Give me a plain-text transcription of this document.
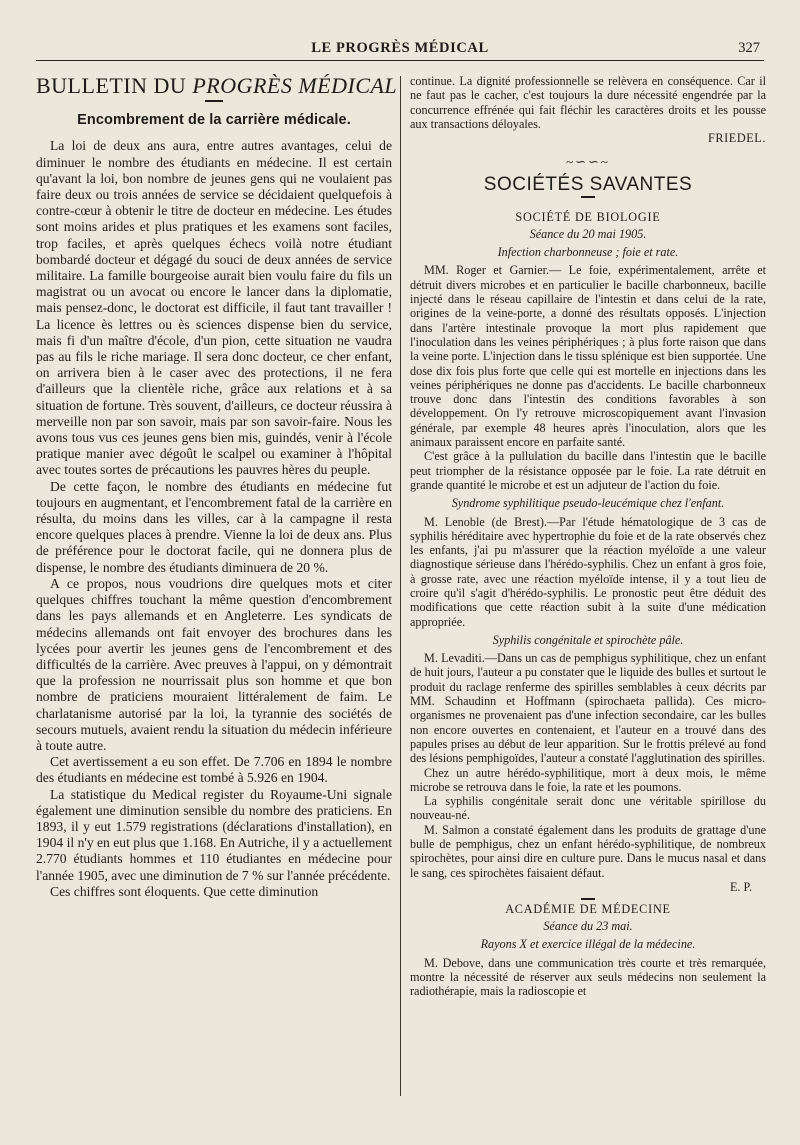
LE PROGRÈS MÉDICAL	327
BULLETIN DU PROGRÈS MÉDICAL
Encombrement de la carrière médicale.

La loi de deux ans aura, entre autres avantages, celui de diminuer le nombre des étudiants en médecine. Il est certain qu'avant la loi, bon nombre de jeunes gens qui ne voulaient pas faire deux ou trois années de service se décidaient quelquefois à contre-cœur à obtenir le titre de docteur en médecine. Les études sont moins arides et plus pratiques et les examens sont faciles, trop faciles, et après quelques échecs voilà notre étudiant bombardé docteur et dégagé du souci de deux années de service militaire. La famille bourgeoise aurait bien voulu faire du fils un magistrat ou un avocat ou encore le lancer dans la diplomatie, mais pensez-donc, le doctorat est difficile, il faut tant travailler ! La licence ès lettres ou ès sciences dispense bien du service, mais fi d'un maître d'école, d'un pion, cette situation ne vaudra pas au fils le riche mariage. Il sera donc docteur, ce cher enfant, on arrivera bien à le caser avec des protections, il ne fera d'ailleurs que la clientèle riche, grâce aux relations et à sa situation de fortune. Très souvent, d'ailleurs, ce docteur réussira à merveille non par son savoir, mais par son savoir-faire. Nous les avons tous vus ces jeunes gens bien mis, guindés, venir à l'école pratique manier avec dégoût le scalpel ou examiner à l'hôpital avec toutes sortes de précautions les pauvres hères du peuple.

De cette façon, le nombre des étudiants en médecine fut toujours en augmentant, et l'encombrement fatal de la carrière en résulta, du moins dans les villes, car à la campagne il resta encore quelques places à prendre. Vienne la loi de deux ans. Plus de préférence pour le doctorat facile, qui ne donnera plus de dispense, le nombre des étudiants diminuera de 20 %.

A ce propos, nous voudrions dire quelques mots et citer quelques chiffres touchant la même question d'encombrement dans les pays allemands et en Angleterre. Les syndicats de médecins allemands ont fait envoyer des brochures dans les lycées pour avertir les jeunes gens de l'encombrement et des difficultés de la carrière. Avec preuves à l'appui, on y démontrait que la profession ne nourrissait plus son homme et que bon nombre de praticiens mouraient littéralement de faim. Le charlatanisme autorisé par la loi, la tyrannie des sociétés de secours mutuels, avaient rendu la situation du médecin inférieure à toute autre.

Cet avertissement a eu son effet. De 7.706 en 1894 le nombre des étudiants en médecine est tombé à 5.926 en 1904.

La statistique du Medical register du Royaume-Uni signale également une diminution sensible du nombre des praticiens. En 1893, il y eut 1.579 registrations (déclarations d'installation), en 1904 il n'y en eut plus que 1.168. En Autriche, il y a actuellement 2.770 étudiants hommes et 110 étudiantes en médecine pour l'année 1905, avec une diminution de 7 % sur l'année précédente.

Ces chiffres sont éloquents. Que cette diminution

continue. La dignité professionnelle se relèvera en conséquence. Car il ne faut pas le cacher, c'est toujours la dure nécessité engendrée par la concurrence effrénée qui fait fléchir les caractères droits et les pousse aux transactions déloyales.

FRIEDEL.
~∽∽~
SOCIÉTÉS SAVANTES
SOCIÉTÉ DE BIOLOGIE
Séance du 20 mai 1905.
Infection charbonneuse ; foie et rate.

MM. Roger et Garnier.— Le foie, expérimentalement, arrête et détruit divers microbes et en particulier le bacille charbonneux, bacille injecté dans le réseau capillaire de l'intestin et dans celui de la rate, origines de la veine-porte, a donné des résultats opposés. L'injection dans l'artère intestinale provoque la mort plus rapidement que l'inoculation dans les veines périphériques ; à plus forte raison que dans la veine porte. L'injection dans le tissu splénique est bien supportée. Une dose dix fois plus forte que celle qui est mortelle en injections dans les veines périphériques ne donne pas d'accidents. Le bacille charbonneux trouve donc dans l'intestin des conditions favorables à son développement. On l'y retrouve microscopiquement avant l'invasion générale, par exemple 48 heures après l'inoculation, alors que les animaux paraissent encore en parfaite santé.

C'est grâce à la pullulation du bacille dans l'intestin que le bacille peut triompher de la résistance opposée par le foie. La rate détruit en grande quantité le microbe et est un adjuteur de l'action du foie.

Syndrome syphilitique pseudo-leucémique chez l'enfant.

M. Lenoble (de Brest).—Par l'étude hématologique de 3 cas de syphilis héréditaire avec hypertrophie du foie et de la rate observés chez les enfants, j'ai pu m'assurer que la réaction myéloïde a une valeur diagnostique sérieuse dans l'hérédo-syphilis. Chez un enfant à gros foie, à grosse rate, avec une réaction myéloïde intense, il y a tout lieu de croire qu'il s'agit d'hérédo-syphilis. Le pronostic peut être déduit des modifications que cette réaction subit à la suite d'une médication appropriée.

Syphilis congénitale et spirochète pâle.

M. Levaditi.—Dans un cas de pemphigus syphilitique, chez un enfant de huit jours, l'auteur a pu constater que le liquide des bulles et surtout le produit du raclage renferme des spirilles semblables à ceux décrits par MM. Schaudinn et Hoffmann (spirochaeta pallida). Ces micro-organismes ne provenaient pas d'une infection secondaire, car les bulles non encore ouvertes en contenaient, et l'auteur en a trouvé dans des papules prises au début de leur apparition. Sur le frottis prélevé au fond des lésions pemphigoïdes, l'auteur a constaté l'agglutination des spirilles.

Chez un autre hérédo-syphilitique, mort à deux mois, le même microbe se retrouva dans le foie, la rate et les poumons.

La syphilis congénitale serait donc une véritable spirillose du nouveau-né.

M. Salmon a constaté également dans les produits de grattage d'une bulle de pemphigus, chez un enfant hérédo-syphilitique, de nombreux spirochètes, pour ainsi dire en culture pure. Dans le mucus nasal et dans le sang, ces spirochètes faisaient défaut.

E. P.
ACADÉMIE DE MÉDECINE
Séance du 23 mai.
Rayons X et exercice illégal de la médecine.

M. Debove, dans une communication très courte et très remarquée, montre la nécessité de réserver aux seuls médecins non seulement la radiothérapie, mais la radioscopie et
